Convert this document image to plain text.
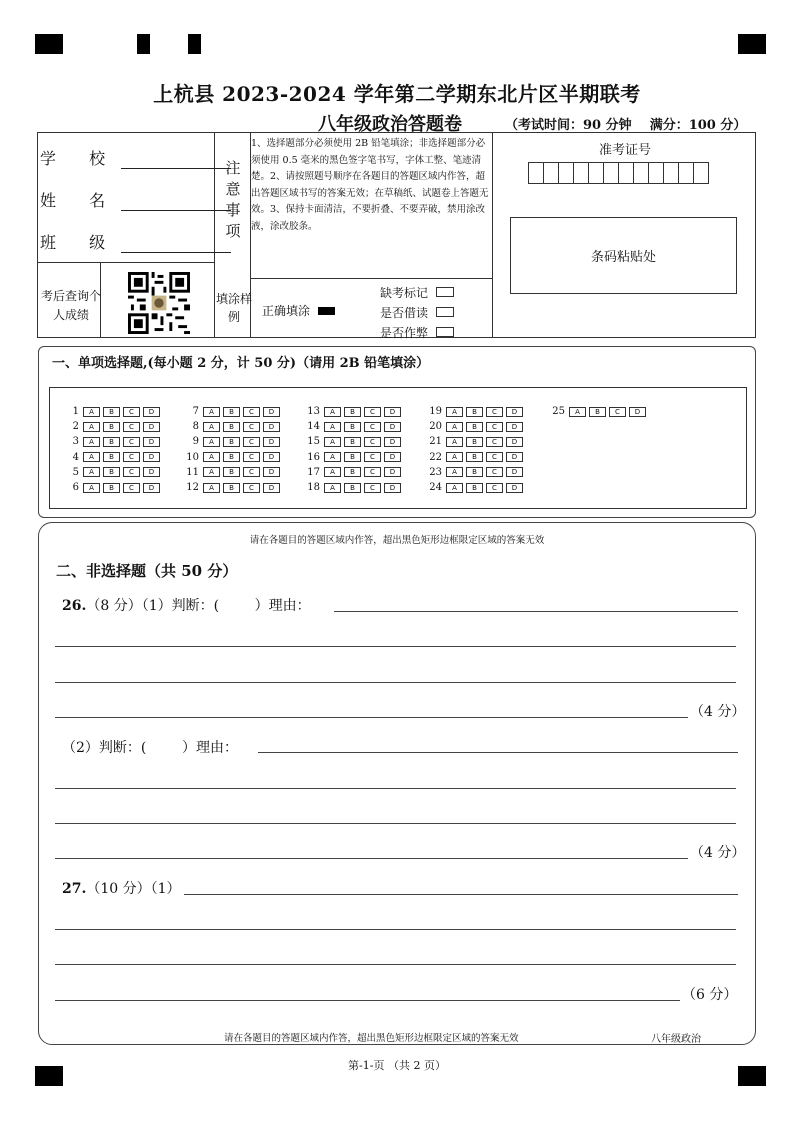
上杭县 2023-2024 学年第二学期东北片区半期联考
八年级政治答题卷	（考试时间：90 分钟    满分：100 分）
学 校
姓 名
班 级
注意事项
1、选择题部分必须使用 2B 铅笔填涂；非选择题部分必须使用 0.5 毫米的黑色签字笔书写，字体工整、笔迹清楚。2、请按照题号顺序在各题目的答题区域内作答，超出答题区域书写的答案无效；在草稿纸、试题卷上答题无效。3、保持卡面清洁，不要折叠、不要弄破，禁用涂改液，涂改胶条。
准考证号
条码粘贴处
考后查询个人成绩
填涂样例	正确填涂
缺考标记
是否借读
是否作弊
一、单项选择题,(每小题 2 分，计 50 分)（请用 2B 铅笔填涂）
1	A	B	C	D
2	A	B	C	D
3	A	B	C	D
4	A	B	C	D
5	A	B	C	D
6	A	B	C	D
7	A	B	C	D
8	A	B	C	D
9	A	B	C	D
10	A	B	C	D
11	A	B	C	D
12	A	B	C	D
13	A	B	C	D
14	A	B	C	D
15	A	B	C	D
16	A	B	C	D
17	A	B	C	D
18	A	B	C	D
19	A	B	C	D
20	A	B	C	D
21	A	B	C	D
22	A	B	C	D
23	A	B	C	D
24	A	B	C	D
25	A	B	C	D
请在各题目的答题区域内作答，超出黑色矩形边框限定区域的答案无效
二、非选择题（共 50 分）
26.（8 分）（1）判断：(        ）理由：
（4 分）
（2）判断：(        ）理由：
（4 分）
27.（10 分）（1）
（6 分）
请在各题目的答题区域内作答，超出黑色矩形边框限定区域的答案无效	八年级政治
第-1-页 （共 2 页）
